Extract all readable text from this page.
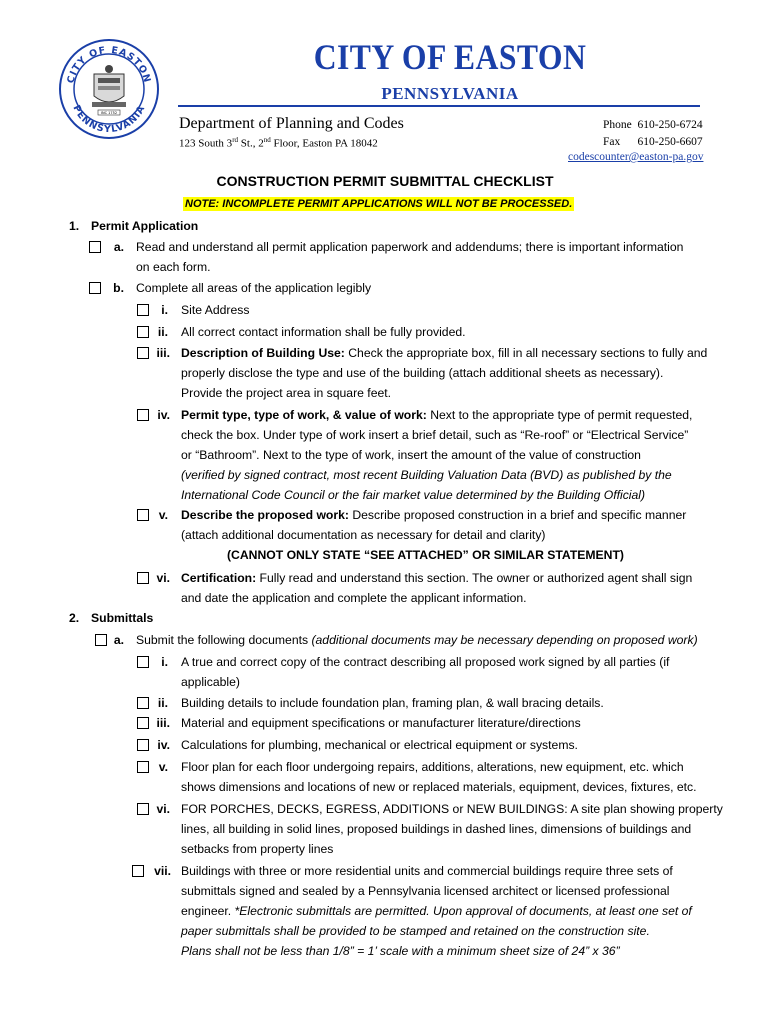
CITY OF EASTON
PENNSYLVANIA
INC 1752
CITY OF EASTON
PENNSYLVANIA
Department of Planning and Codes
123 South 3rd St., 2nd Floor, Easton PA 18042
Phone 610-250-6724
Fax 610-250-6607
codescounter@easton-pa.gov
CONSTRUCTION PERMIT SUBMITTAL CHECKLIST
NOTE: INCOMPLETE PERMIT APPLICATIONS WILL NOT BE PROCESSED.
1. Permit Application
a. Read and understand all permit application paperwork and addendums; there is important information
on each form.
b. Complete all areas of the application legibly
i. Site Address
ii. All correct contact information shall be fully provided.
iii. Description of Building Use: Check the appropriate box, fill in all necessary sections to fully and
properly disclose the type and use of the building (attach additional sheets as necessary).
Provide the project area in square feet.
iv. Permit type, type of work, & value of work: Next to the appropriate type of permit requested,
check the box. Under type of work insert a brief detail, such as “Re-roof” or “Electrical Service”
or “Bathroom”. Next to the type of work, insert the amount of the value of construction
(verified by signed contract, most recent Building Valuation Data (BVD) as published by the
International Code Council or the fair market value determined by the Building Official)
v. Describe the proposed work: Describe proposed construction in a brief and specific manner
(attach additional documentation as necessary for detail and clarity)
(CANNOT ONLY STATE “SEE ATTACHED” OR SIMILAR STATEMENT)
vi. Certification: Fully read and understand this section. The owner or authorized agent shall sign
and date the application and complete the applicant information.
2. Submittals
a. Submit the following documents (additional documents may be necessary depending on proposed work)
i. A true and correct copy of the contract describing all proposed work signed by all parties (if
applicable)
ii. Building details to include foundation plan, framing plan, & wall bracing details.
iii. Material and equipment specifications or manufacturer literature/directions
iv. Calculations for plumbing, mechanical or electrical equipment or systems.
v. Floor plan for each floor undergoing repairs, additions, alterations, new equipment, etc. which
shows dimensions and locations of new or replaced materials, equipment, devices, fixtures, etc.
vi. FOR PORCHES, DECKS, EGRESS, ADDITIONS or NEW BUILDINGS: A site plan showing property
lines, all building in solid lines, proposed buildings in dashed lines, dimensions of buildings and
setbacks from property lines
vii. Buildings with three or more residential units and commercial buildings require three sets of
submittals signed and sealed by a Pennsylvania licensed architect or licensed professional
engineer. *Electronic submittals are permitted. Upon approval of documents, at least one set of
paper submittals shall be provided to be stamped and retained on the construction site.
Plans shall not be less than 1/8” = 1’ scale with a minimum sheet size of 24” x 36”
